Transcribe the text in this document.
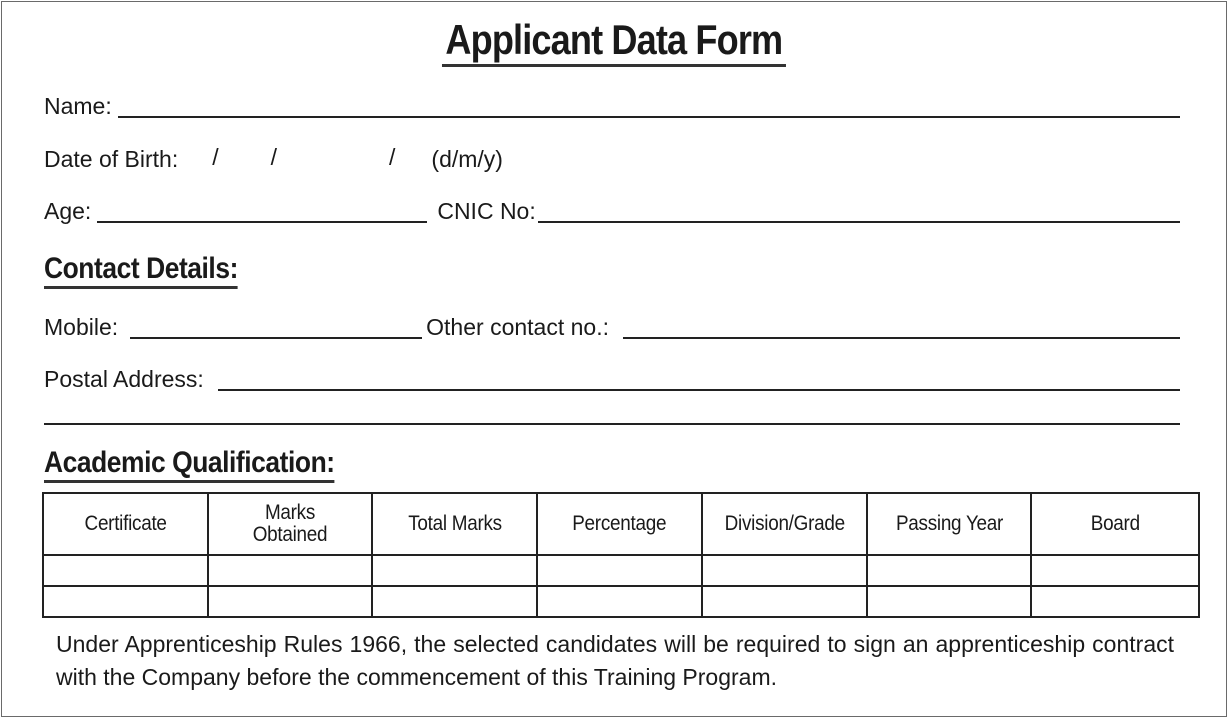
Applicant Data Form
Name:
Date of Birth: / /	/ (d/m/y)
Age:	CNIC No:
Contact Details:
Mobile:	Other contact no.:
Postal Address:
Academic Qualification:
Certificate	Marks Obtained	Total Marks	Percentage	Division/Grade	Passing Year	Board

Under Apprenticeship Rules 1966, the selected candidates will be required to sign an apprenticeship contract with the Company before the commencement of this Training Program.
